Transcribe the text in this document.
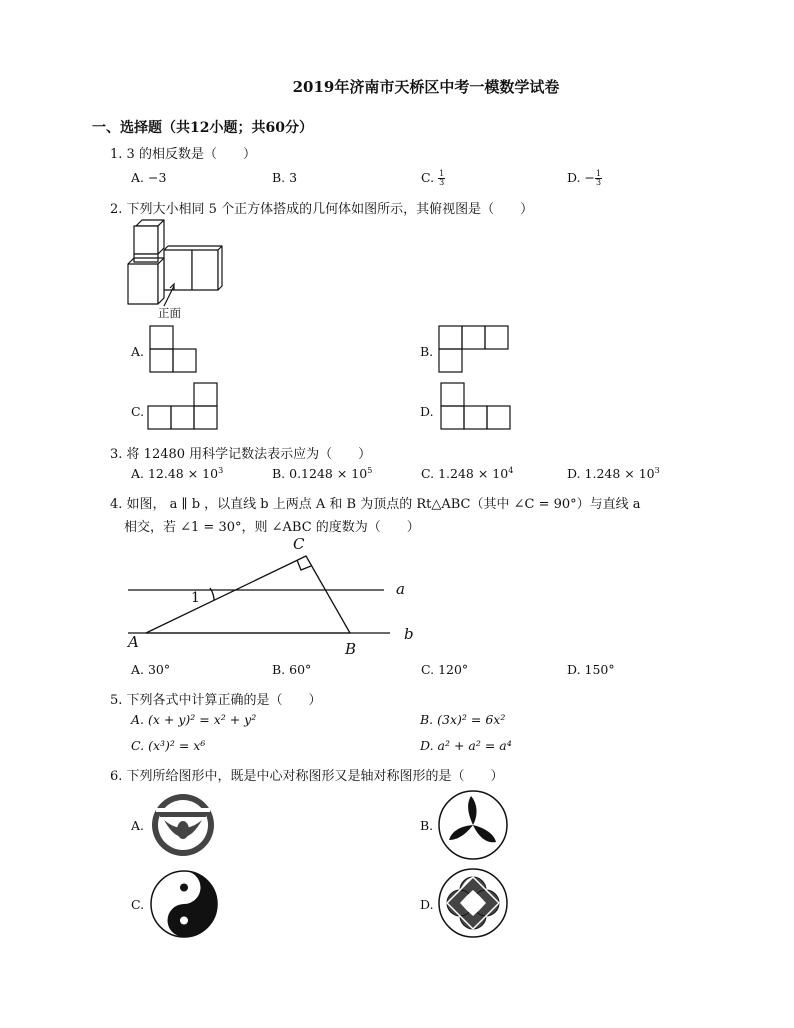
2019年济南市天桥区中考一模数学试卷
一、选择题（共12小题；共60分）
1. 3 的相反数是（　　）
A. −3	B. 3	C. $\frac{1}{3}$	D. − $\frac{1}{3}$
2. 下列大小相同 5 个正方体搭成的几何体如图所示，其俯视图是（　　）
正面
A.	B.
C.	D.
3. 将 12480 用科学记数法表示应为（　　）
A. $12.48 \times 10^3$	B. $0.1248 \times 10^5$	C. $1.248 \times 10^4$	D. $1.248 \times 10^3$
4. 如图， a ∥ b ，以直线 b 上两点 A 和 B 为顶点的 Rt△ABC（其中 ∠C = 90°）与直线 a
相交，若 ∠1 = 30°，则 ∠ABC 的度数为（　　）
C
a
b
1
A	B
A. 30°	B. 60°	C. 120°	D. 150°
5. 下列各式中计算正确的是（　　）
A. (x + y)² = x² + y²	B. (3x)² = 6x²
C. (x³)² = x⁶	D. a² + a² = a⁴
6. 下列所给图形中，既是中心对称图形又是轴对称图形的是（　　）
A.	B.
C.	D.
